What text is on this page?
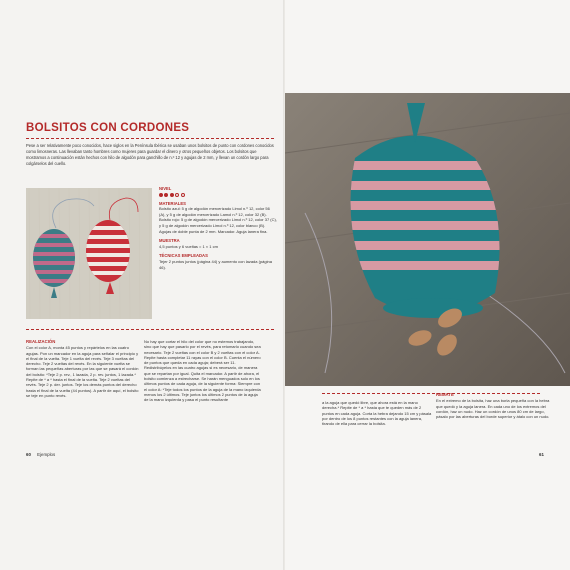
BOLSITOS CON CORDONES

Pese a ser relativamente poco conocidos, hace siglos en la Península Ibérica se usaban unos bolsitos de punto con cordones conocidos como limosneras. Las llevaban tanto hombres como mujeres para guardar el dinero y otros pequeños objetos. Los bolsitos que mostramos a continuación están hechos con hilo de algodón para ganchillo de n.º 12 y agujas de 2 mm, y llevan un cordón largo para colgárselos del cuello.

NIVEL
MATERIALES

Bolsito azul: 5 g de algodón mercerizado Limol n.º 12, color 56 (A), y 5 g de algodón mercerizado Lamol n.º 12, color 32 (B). Bolsito rojo: 5 g de algodón mercerizado Limol n.º 12, color 37 (C), y 5 g de algodón mercerizado Limol n.º 12, color blanco (B). Agujas de doble punta de 2 mm. Marcador. Aguja lanera fina.

MUESTRA

4,5 puntos y 6 vueltas = 1 × 1 cm

TÉCNICAS EMPLEADAS

Tejer 2 puntos juntos (página 44) y aumento con lazada (página 46).

REALIZACIÓN

Con el color A, monta 45 puntos y repártelos en las cuatro agujas. Pon un marcador en la aguja para señalar el principio y el final de la vuelta. Teje 1 vuelta del revés. Teje 3 vueltas del derecho. Teje 2 vueltas del revés. En la siguiente vuelta se forman las pequeñas aberturas por las que se pasará el cordón del bolsito: *Teje 2 p. rev., 1 lazada, 2 p. rev. juntos, 1 lazada.* Repite de * a * hasta el final de la vuelta. Teje 2 vueltas del revés. Teje 2 p. der. juntos. Teje los demás puntos del derecho hasta el final de la vuelta (44 puntos). A partir de aquí, el bolsito se teje en punto revés.

No hay que cortar el hilo del color que no estemos trabajando, sino que hay que pasarlo por el revés, para retomarlo cuando sea necesario. Teje 2 vueltas con el color B y 2 vueltas con el color A. Repite hasta completar 11 rayas con el color B. Cuenta el número de puntos que queda en cada aguja; deberá ser 11. Redistribúyelos en las cuatro agujas si es necesario, de manera que se repartan por igual. Quita el marcador. A partir de ahora, el bolsito comienza a estrecharse. Se harán menguados solo en los últimos puntos de cada aguja, de la siguiente forma: Siempre con el color A: *Teje todos los puntos de la aguja de la mano izquierda menos los 2 últimos. Teje juntos los últimos 2 puntos de la aguja de la mano izquierda y pasa el punto resultante

60 Ejemplos

a la aguja que quedó libre, que ahora está en la mano derecha.* Repite de * a * hasta que te queden más de 2 puntos en cada aguja. Corta la hebra dejando 15 cm y pásala por dentro de los 8 puntos restantes con la aguja lanera, tirando de ella para cerrar la bolsita.

REMATE

En el extremo de la bolsita, haz una borla pequeña con la hebra que quedó y la aguja lanera. En cada uno de los extremos del cordón, haz un nudo. Haz un cordón de unos 80 cm de largo, pásalo por las aberturas del borde superior y átalo con un nudo.

61
